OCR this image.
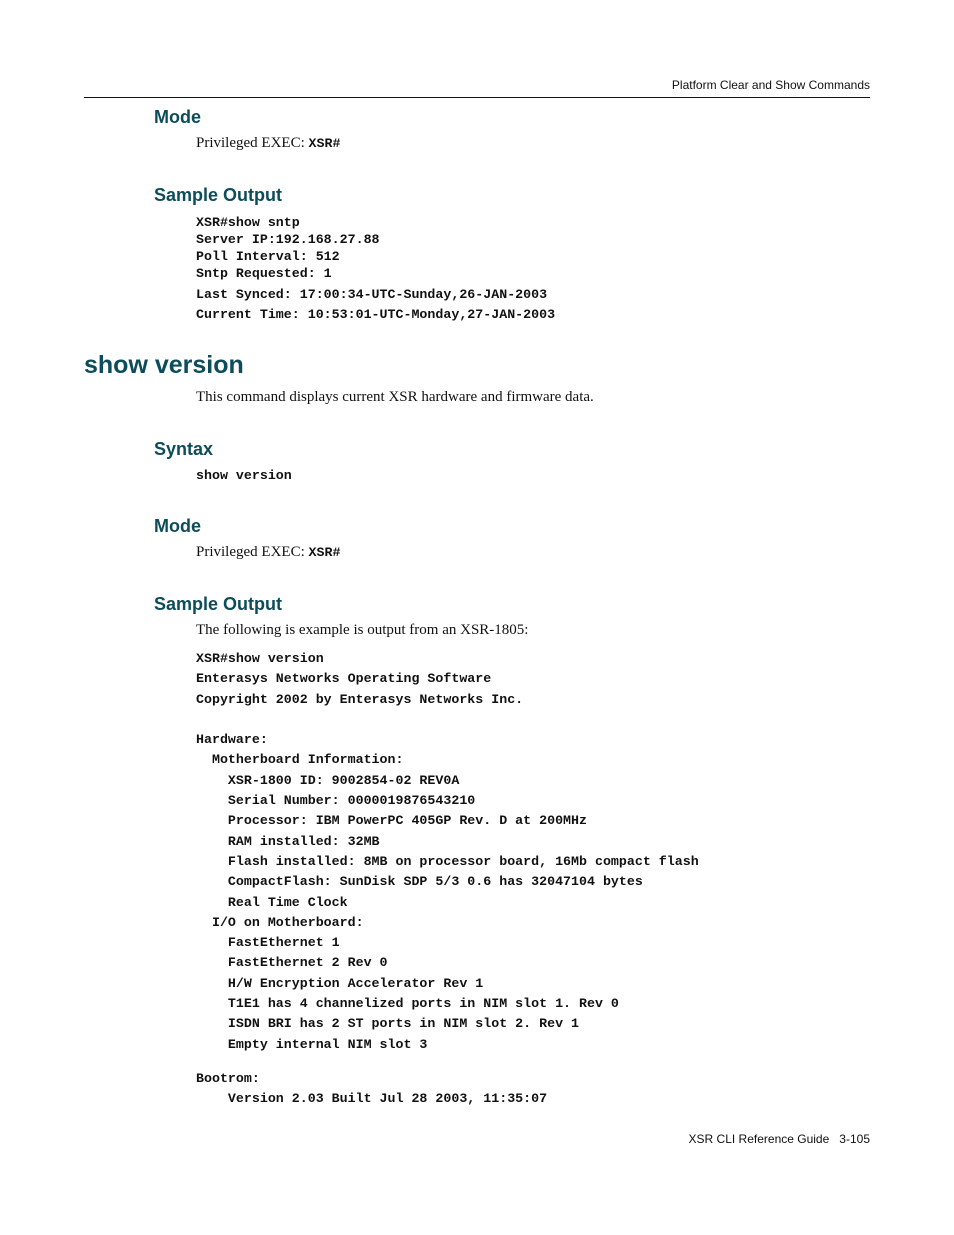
Platform Clear and Show Commands
Mode
Privileged EXEC: XSR#
Sample Output
XSR#show sntp
Server IP:192.168.27.88
Poll Interval: 512
Sntp Requested: 1
Last Synced: 17:00:34-UTC-Sunday,26-JAN-2003
Current Time: 10:53:01-UTC-Monday,27-JAN-2003
show version
This command displays current XSR hardware and firmware data.
Syntax
show version
Mode
Privileged EXEC: XSR#
Sample Output
The following is example is output from an XSR-1805:
XSR#show version
Enterasys Networks Operating Software
Copyright 2002 by Enterasys Networks Inc.
Hardware:
Motherboard Information:
XSR-1800 ID: 9002854-02 REV0A
Serial Number: 0000019876543210
Processor: IBM PowerPC 405GP Rev. D at 200MHz
RAM installed: 32MB
Flash installed: 8MB on processor board, 16Mb compact flash
CompactFlash: SunDisk SDP 5/3 0.6 has 32047104 bytes
Real Time Clock
I/O on Motherboard:
FastEthernet 1
FastEthernet 2 Rev 0
H/W Encryption Accelerator Rev 1
T1E1 has 4 channelized ports in NIM slot 1. Rev 0
ISDN BRI has 2 ST ports in NIM slot 2. Rev 1
Empty internal NIM slot 3
Bootrom:
Version 2.03 Built Jul 28 2003, 11:35:07
XSR CLI Reference Guide 3-105
